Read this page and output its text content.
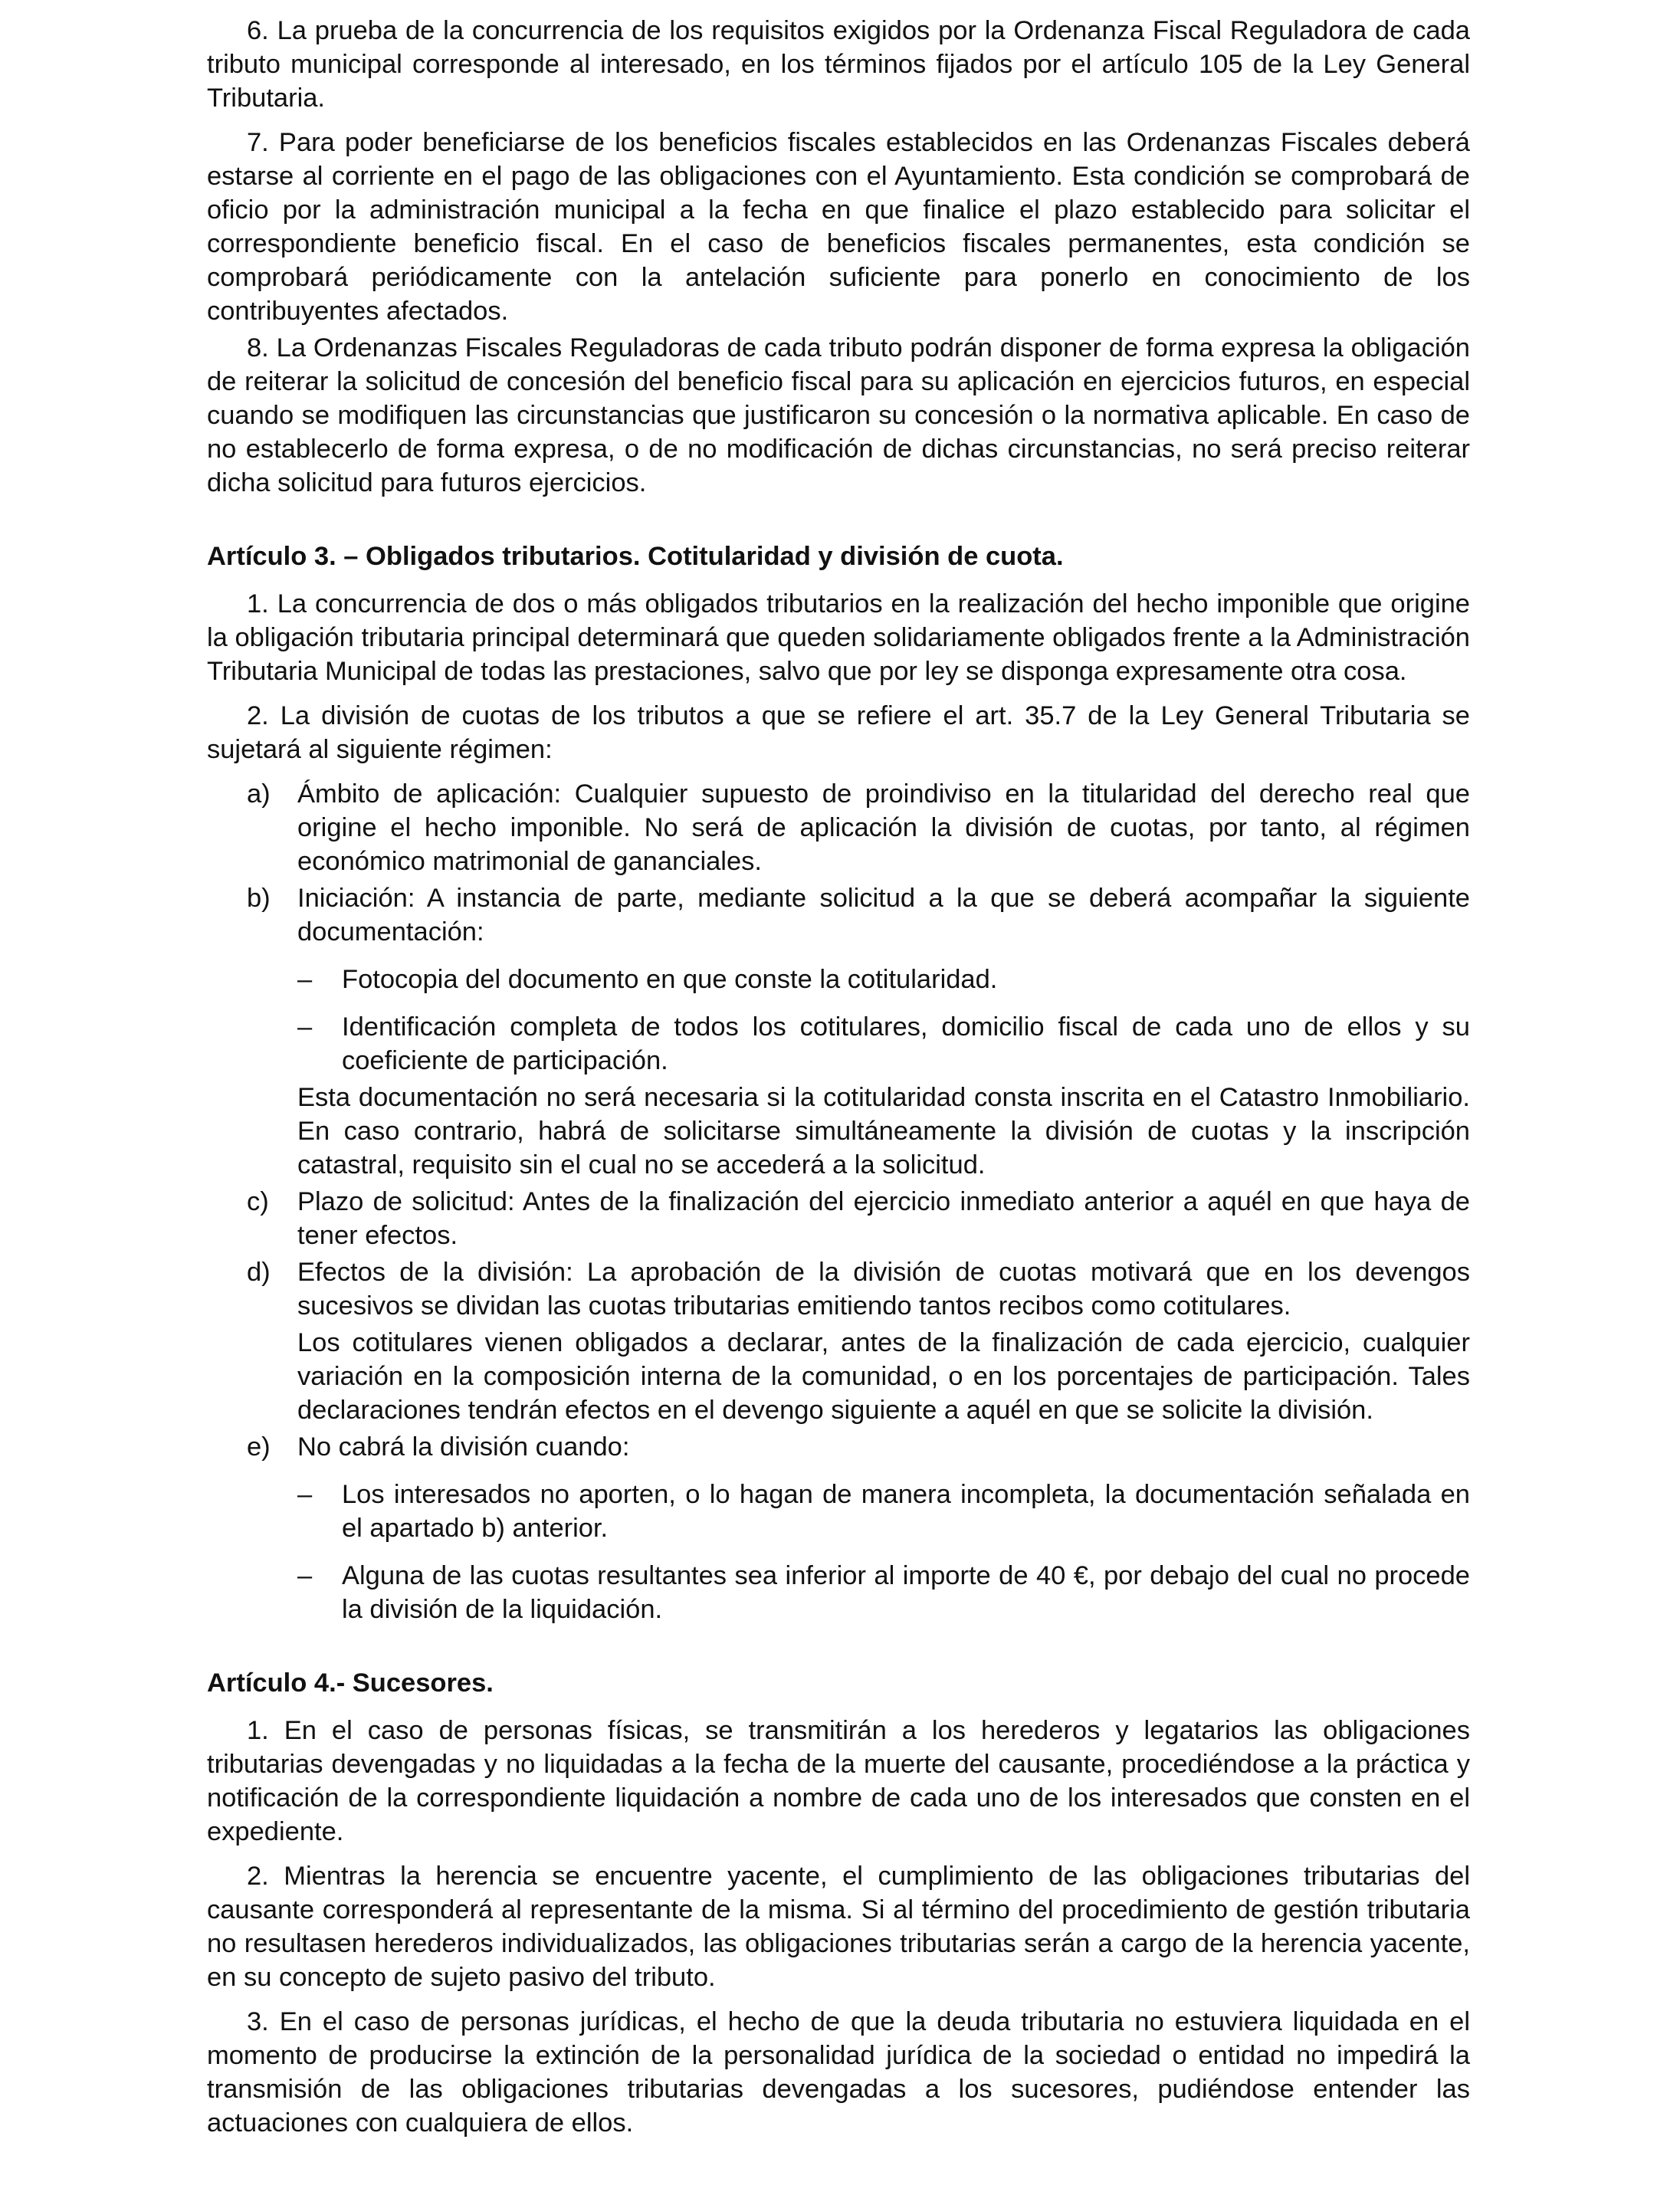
6. La prueba de la concurrencia de los requisitos exigidos por la Ordenanza Fiscal Reguladora de cada tributo municipal corresponde al interesado, en los términos fijados por el artículo 105 de la Ley General Tributaria.

7. Para poder beneficiarse de los beneficios fiscales establecidos en las Ordenanzas Fiscales deberá estarse al corriente en el pago de las obligaciones con el Ayuntamiento. Esta condición se comprobará de oficio por la administración municipal a la fecha en que finalice el plazo establecido para solicitar el correspondiente beneficio fiscal. En el caso de beneficios fiscales permanentes, esta condición se comprobará periódicamente con la antelación suficiente para ponerlo en conocimiento de los contribuyentes afectados.

8. La Ordenanzas Fiscales Reguladoras de cada tributo podrán disponer de forma expresa la obligación de reiterar la solicitud de concesión del beneficio fiscal para su aplicación en ejercicios futuros, en especial cuando se modifiquen las circunstancias que justificaron su concesión o la normativa aplicable. En caso de no establecerlo de forma expresa, o de no modificación de dichas circunstancias, no será preciso reiterar dicha solicitud para futuros ejercicios.

Artículo 3. – Obligados tributarios. Cotitularidad y división de cuota.

1. La concurrencia de dos o más obligados tributarios en la realización del hecho imponible que origine la obligación tributaria principal determinará que queden solidariamente obligados frente a la Administración Tributaria Municipal de todas las prestaciones, salvo que por ley se disponga expresamente otra cosa.

2. La división de cuotas de los tributos a que se refiere el art. 35.7 de la Ley General Tributaria se sujetará al siguiente régimen:

a) Ámbito de aplicación: Cualquier supuesto de proindiviso en la titularidad del derecho real que origine el hecho imponible. No será de aplicación la división de cuotas, por tanto, al régimen económico matrimonial de gananciales.
b) Iniciación: A instancia de parte, mediante solicitud a la que se deberá acompañar la siguiente documentación:
– Fotocopia del documento en que conste la cotitularidad.
– Identificación completa de todos los cotitulares, domicilio fiscal de cada uno de ellos y su coeficiente de participación.

Esta documentación no será necesaria si la cotitularidad consta inscrita en el Catastro Inmobiliario. En caso contrario, habrá de solicitarse simultáneamente la división de cuotas y la inscripción catastral, requisito sin el cual no se accederá a la solicitud.

c) Plazo de solicitud: Antes de la finalización del ejercicio inmediato anterior a aquél en que haya de tener efectos.
d) Efectos de la división: La aprobación de la división de cuotas motivará que en los devengos sucesivos se dividan las cuotas tributarias emitiendo tantos recibos como cotitulares.

Los cotitulares vienen obligados a declarar, antes de la finalización de cada ejercicio, cualquier variación en la composición interna de la comunidad, o en los porcentajes de participación. Tales declaraciones tendrán efectos en el devengo siguiente a aquél en que se solicite la división.

e) No cabrá la división cuando:
– Los interesados no aporten, o lo hagan de manera incompleta, la documentación señalada en el apartado b) anterior.
– Alguna de las cuotas resultantes sea inferior al importe de 40 €, por debajo del cual no procede la división de la liquidación.

Artículo 4.- Sucesores.

1. En el caso de personas físicas, se transmitirán a los herederos y legatarios las obligaciones tributarias devengadas y no liquidadas a la fecha de la muerte del causante, procediéndose a la práctica y notificación de la correspondiente liquidación a nombre de cada uno de los interesados que consten en el expediente.

2. Mientras la herencia se encuentre yacente, el cumplimiento de las obligaciones tributarias del causante corresponderá al representante de la misma. Si al término del procedimiento de gestión tributaria no resultasen herederos individualizados, las obligaciones tributarias serán a cargo de la herencia yacente, en su concepto de sujeto pasivo del tributo.

3. En el caso de personas jurídicas, el hecho de que la deuda tributaria no estuviera liquidada en el momento de producirse la extinción de la personalidad jurídica de la sociedad o entidad no impedirá la transmisión de las obligaciones tributarias devengadas a los sucesores, pudiéndose entender las actuaciones con cualquiera de ellos.
